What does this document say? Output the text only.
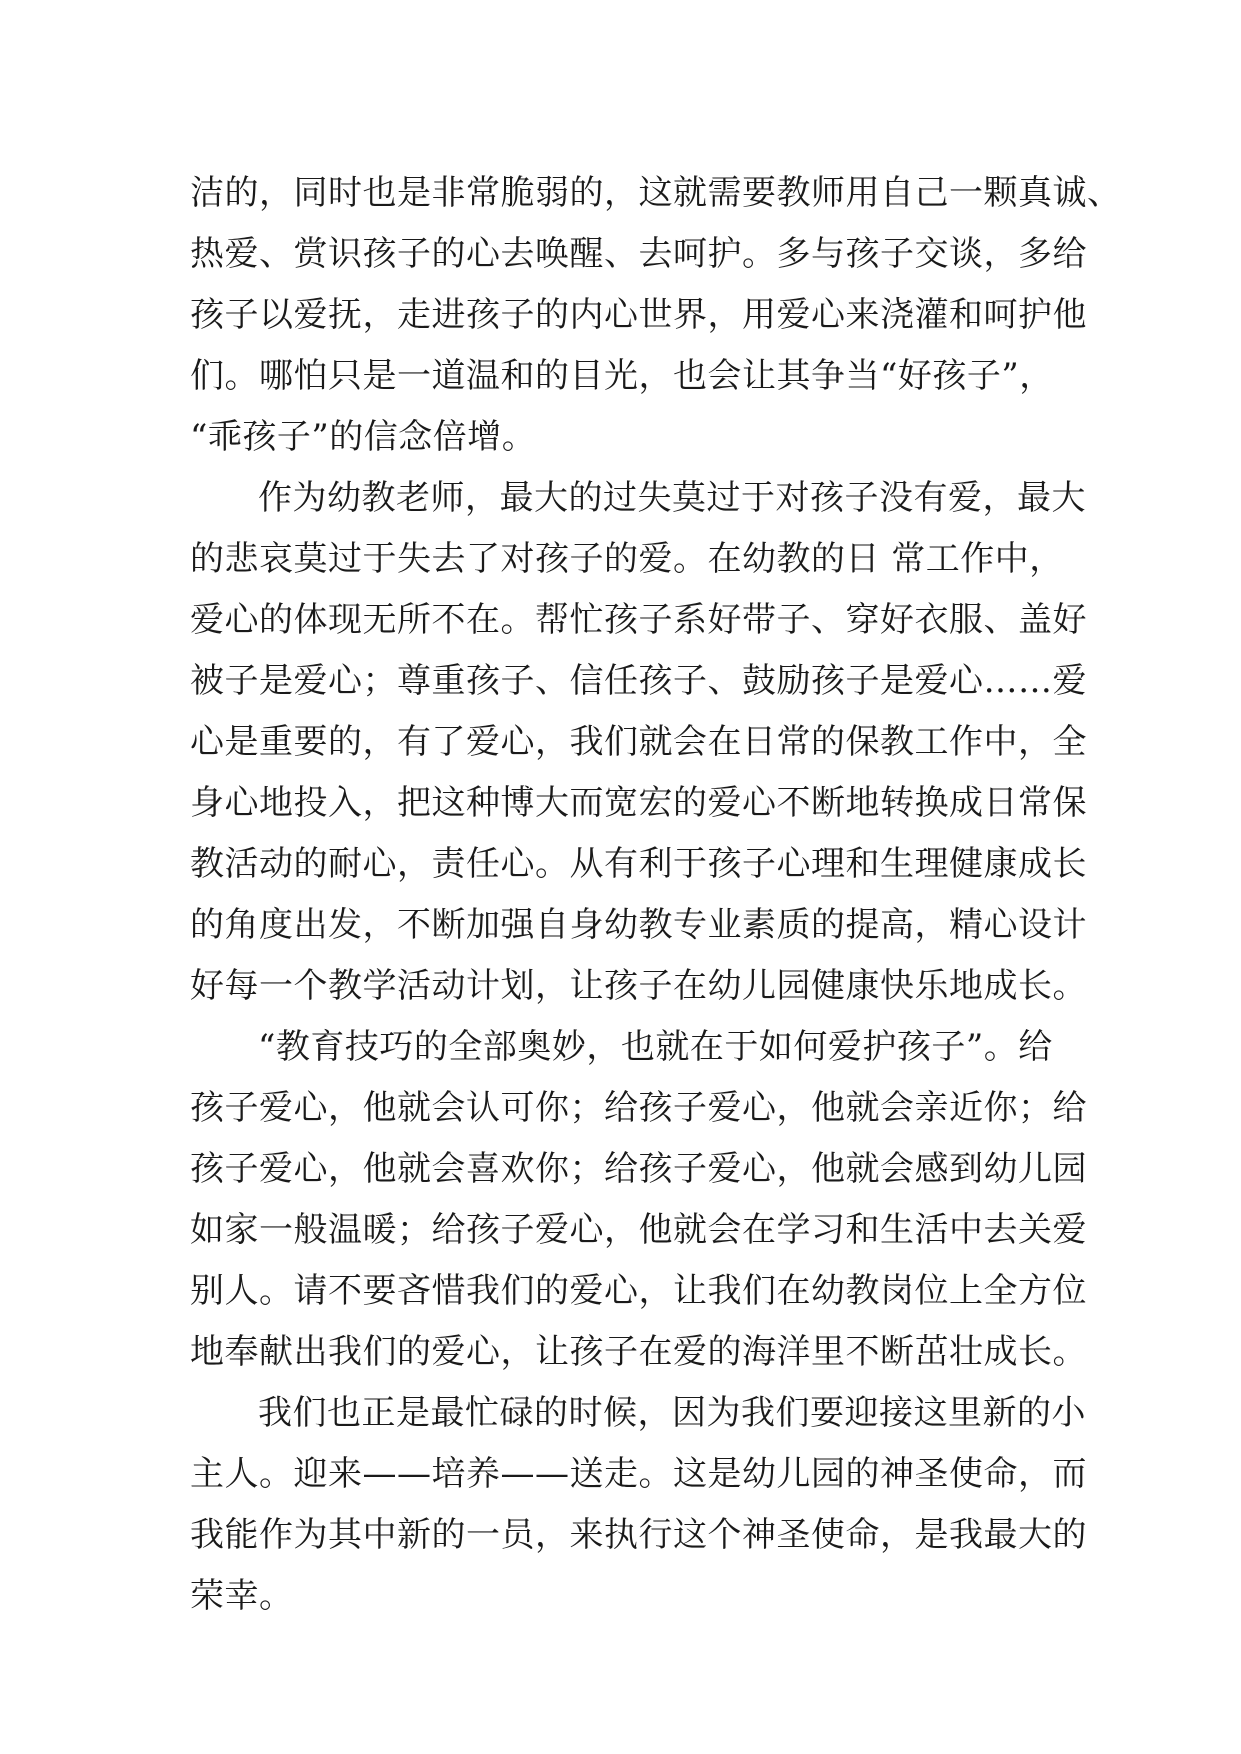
洁的，同时也是非常脆弱的，这就需要教师用自己一颗真诚、
热爱、赏识孩子的心去唤醒、去呵护。多与孩子交谈，多给
孩子以爱抚，走进孩子的内心世界，用爱心来浇灌和呵护他
们。哪怕只是一道温和的目光，也会让其争当“好孩子”，
“乖孩子”的信念倍增。
作为幼教老师，最大的过失莫过于对孩子没有爱，最大
的悲哀莫过于失去了对孩子的爱。在幼教的日 常工作中，
爱心的体现无所不在。帮忙孩子系好带子、穿好衣服、盖好
被子是爱心；尊重孩子、信任孩子、鼓励孩子是爱心……爱
心是重要的，有了爱心，我们就会在日常的保教工作中，全
身心地投入，把这种博大而宽宏的爱心不断地转换成日常保
教活动的耐心，责任心。从有利于孩子心理和生理健康成长
的角度出发，不断加强自身幼教专业素质的提高，精心设计
好每一个教学活动计划，让孩子在幼儿园健康快乐地成长。
“教育技巧的全部奥妙，也就在于如何爱护孩子”。给
孩子爱心，他就会认可你；给孩子爱心，他就会亲近你；给
孩子爱心，他就会喜欢你；给孩子爱心，他就会感到幼儿园
如家一般温暖；给孩子爱心，他就会在学习和生活中去关爱
别人。请不要吝惜我们的爱心，让我们在幼教岗位上全方位
地奉献出我们的爱心，让孩子在爱的海洋里不断茁壮成长。
我们也正是最忙碌的时候，因为我们要迎接这里新的小
主人。迎来——培养——送走。这是幼儿园的神圣使命，而
我能作为其中新的一员，来执行这个神圣使命，是我最大的
荣幸。
